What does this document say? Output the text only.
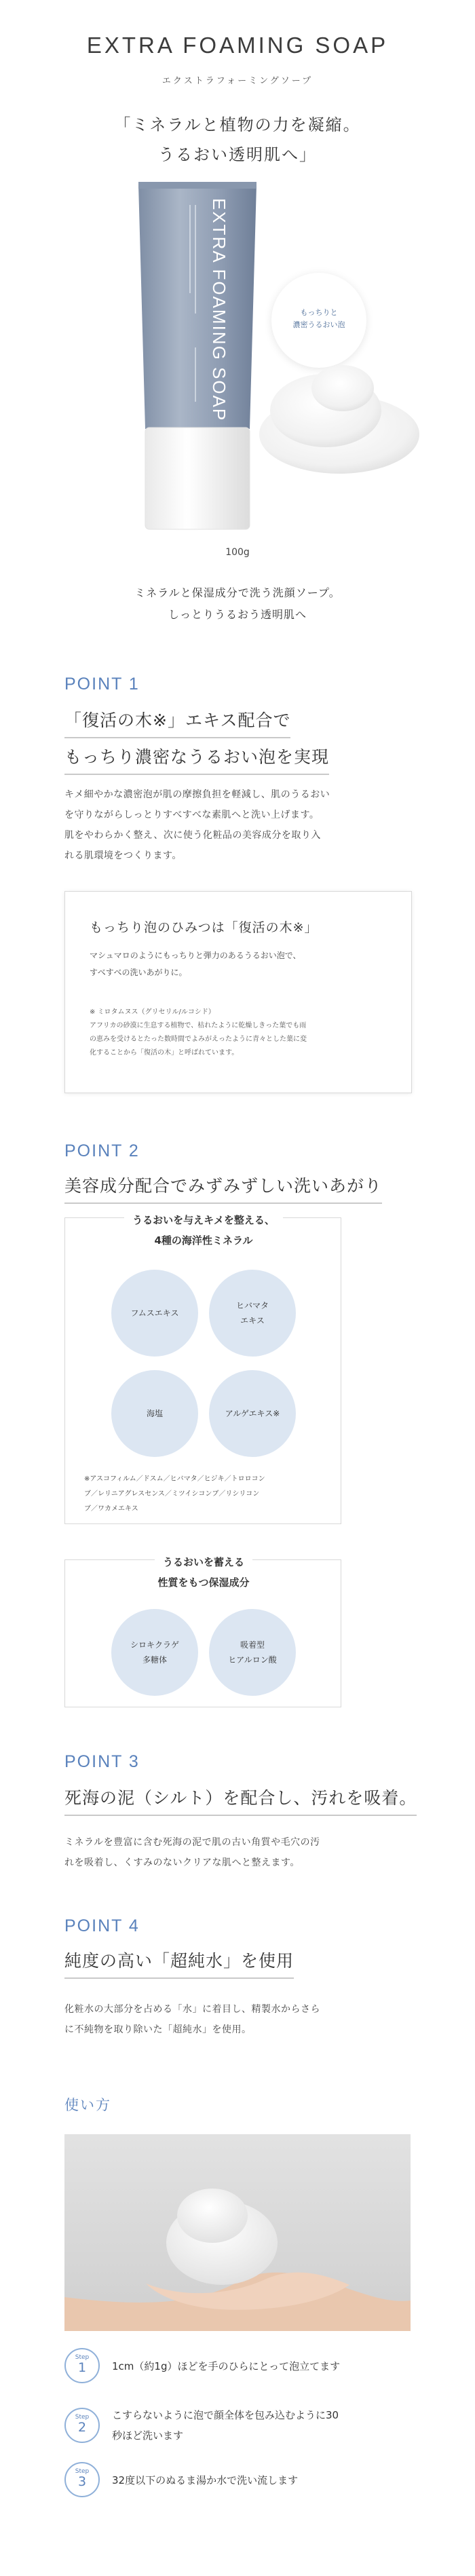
EXTRA FOAMING SOAP
エクストラフォーミングソープ
「ミネラルと植物の力を凝縮。
うるおい透明肌へ」
EXTRA FOAMING SOAP	もっちりと
濃密うるおい泡
100g
ミネラルと保湿成分で洗う洗顔ソープ。
しっとりうるおう透明肌へ
POINT 1
「復活の木※」エキス配合で
もっちり濃密なうるおい泡を実現
キメ細やかな濃密泡が肌の摩擦負担を軽減し、肌のうるおい
を守りながらしっとりすべすべな素肌へと洗い上げます。
肌をやわらかく整え、次に使う化粧品の美容成分を取り入
れる肌環境をつくります。
もっちり泡のひみつは「復活の木※」
マシュマロのようにもっちりと弾力のあるうるおい泡で、
すべすべの洗いあがりに。
※ ミロタムヌス（グリセリル/ルコシド）
アフリカの砂漠に生息する植物で、枯れたように乾燥しきった葉でも雨
の恵みを受けるとたった数時間でよみがえったように青々とした葉に変
化することから「復活の木」と呼ばれています。
POINT 2
美容成分配合でみずみずしい洗いあがり
うるおいを与えキメを整える、
4種の海洋性ミネラル
フムスエキス
ヒバマタ
エキス
海塩	アルゲエキス※
※アスコフィルム／ドスム／ヒバマタ／ヒジキ／トロロコン
ブ／レリニアグレスセンス／ミツイシコンブ／リシリコン
ブ／ワカメエキス
うるおいを蓄える
性質をもつ保湿成分
シロキクラゲ
多糖体
吸着型
ヒアルロン酸
POINT 3
死海の泥（シルト）を配合し、汚れを吸着。
ミネラルを豊富に含む死海の泥で肌の古い角質や毛穴の汚
れを吸着し、くすみのないクリアな肌へと整えます。
POINT 4
純度の高い「超純水」を使用
化粧水の大部分を占める「水」に着目し、精製水からさら
に不純物を取り除いた「超純水」を使用。
使い方
Step
1	1cm（約1g）ほどを手のひらにとって泡立てます
Step
2
こすらないように泡で顔全体を包み込むように30
秒ほど洗います
Step
3	32度以下のぬるま湯か水で洗い流します
